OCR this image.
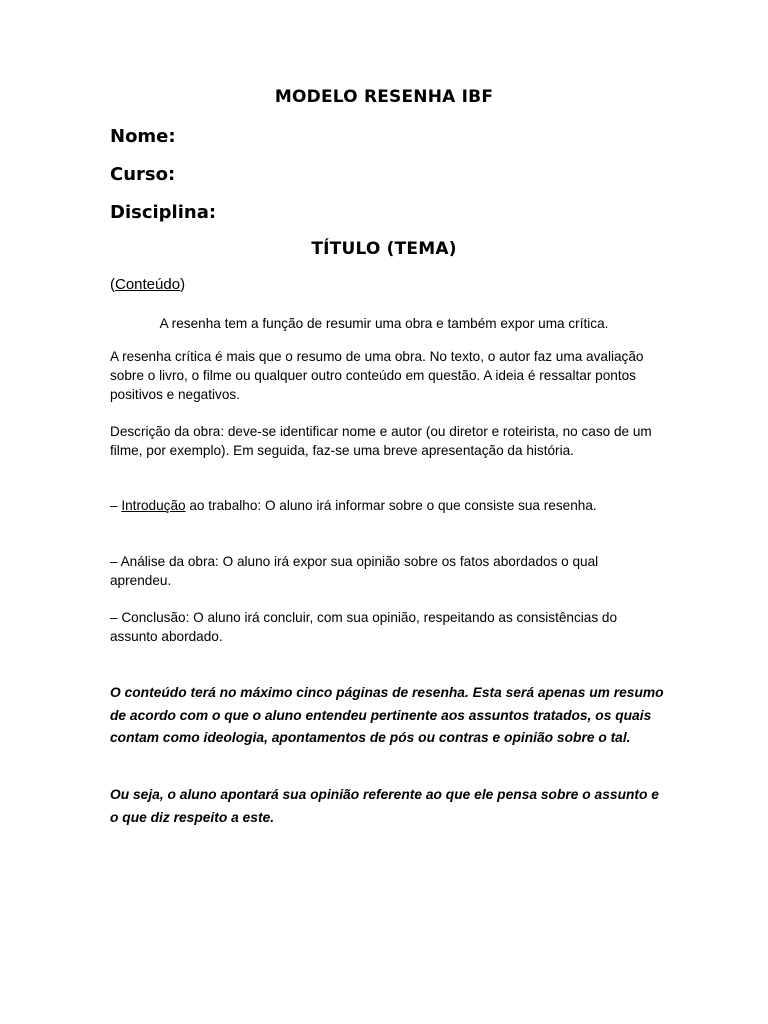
MODELO RESENHA IBF
Nome:
Curso:
Disciplina:
TÍTULO (TEMA)
(Conteúdo)

A resenha tem a função de resumir uma obra e também expor uma crítica.

A resenha crítica é mais que o resumo de uma obra. No texto, o autor faz uma avaliação sobre o livro, o filme ou qualquer outro conteúdo em questão. A ideia é ressaltar pontos positivos e negativos.

Descrição da obra: deve-se identificar nome e autor (ou diretor e roteirista, no caso de um filme, por exemplo). Em seguida, faz-se uma breve apresentação da história.

– Introdução ao trabalho: O aluno irá informar sobre o que consiste sua resenha.

– Análise da obra: O aluno irá expor sua opinião sobre os fatos abordados o qual aprendeu.

– Conclusão: O aluno irá concluir, com sua opinião, respeitando as consistências do assunto abordado.

O conteúdo terá no máximo cinco páginas de resenha. Esta será apenas um resumo de acordo com o que o aluno entendeu pertinente aos assuntos tratados, os quais contam como ideologia, apontamentos de pós ou contras e opinião sobre o tal.

Ou seja, o aluno apontará sua opinião referente ao que ele pensa sobre o assunto e o que diz respeito a este.
